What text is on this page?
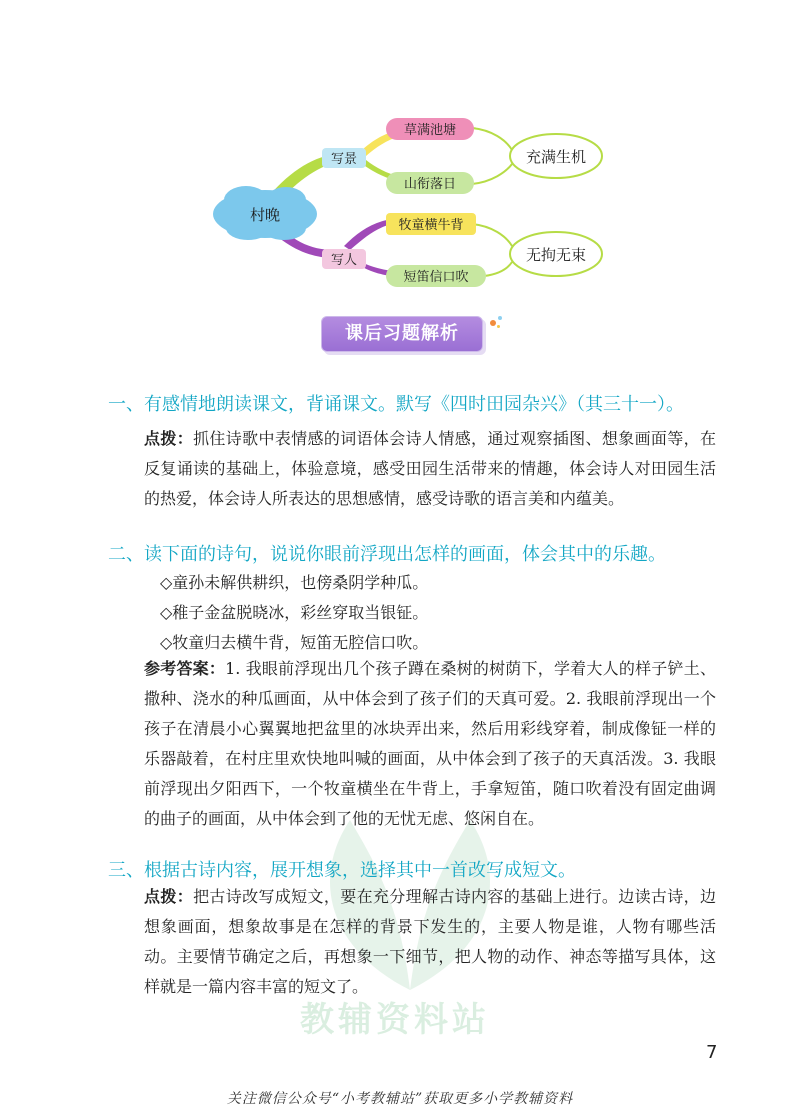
村晚
写景
写人
草满池塘
山衔落日
牧童横牛背
短笛信口吹
充满生机
无拘无束
课后习题解析
教辅资料站
一、有感情地朗读课文，背诵课文。默写《四时田园杂兴》（其三十一）。
点拨：抓住诗歌中表情感的词语体会诗人情感，通过观察插图、想象画面等，在反复诵读的基础上，体验意境，感受田园生活带来的情趣，体会诗人对田园生活的热爱，体会诗人所表达的思想感情，感受诗歌的语言美和内蕴美。
二、读下面的诗句，说说你眼前浮现出怎样的画面，体会其中的乐趣。
◇童孙未解供耕织，也傍桑阴学种瓜。
◇稚子金盆脱晓冰，彩丝穿取当银钲。
◇牧童归去横牛背，短笛无腔信口吹。
参考答案：1. 我眼前浮现出几个孩子蹲在桑树的树荫下，学着大人的样子铲土、撒种、浇水的种瓜画面，从中体会到了孩子们的天真可爱。2. 我眼前浮现出一个孩子在清晨小心翼翼地把盆里的冰块弄出来，然后用彩线穿着，制成像钲一样的乐器敲着，在村庄里欢快地叫喊的画面，从中体会到了孩子的天真活泼。3. 我眼前浮现出夕阳西下，一个牧童横坐在牛背上，手拿短笛，随口吹着没有固定曲调的曲子的画面，从中体会到了他的无忧无虑、悠闲自在。
三、根据古诗内容，展开想象，选择其中一首改写成短文。
点拨：把古诗改写成短文，要在充分理解古诗内容的基础上进行。边读古诗，边想象画面，想象故事是在怎样的背景下发生的，主要人物是谁，人物有哪些活动。主要情节确定之后，再想象一下细节，把人物的动作、神态等描写具体，这样就是一篇内容丰富的短文了。
7
关注微信公众号“小考教辅站”获取更多小学教辅资料
